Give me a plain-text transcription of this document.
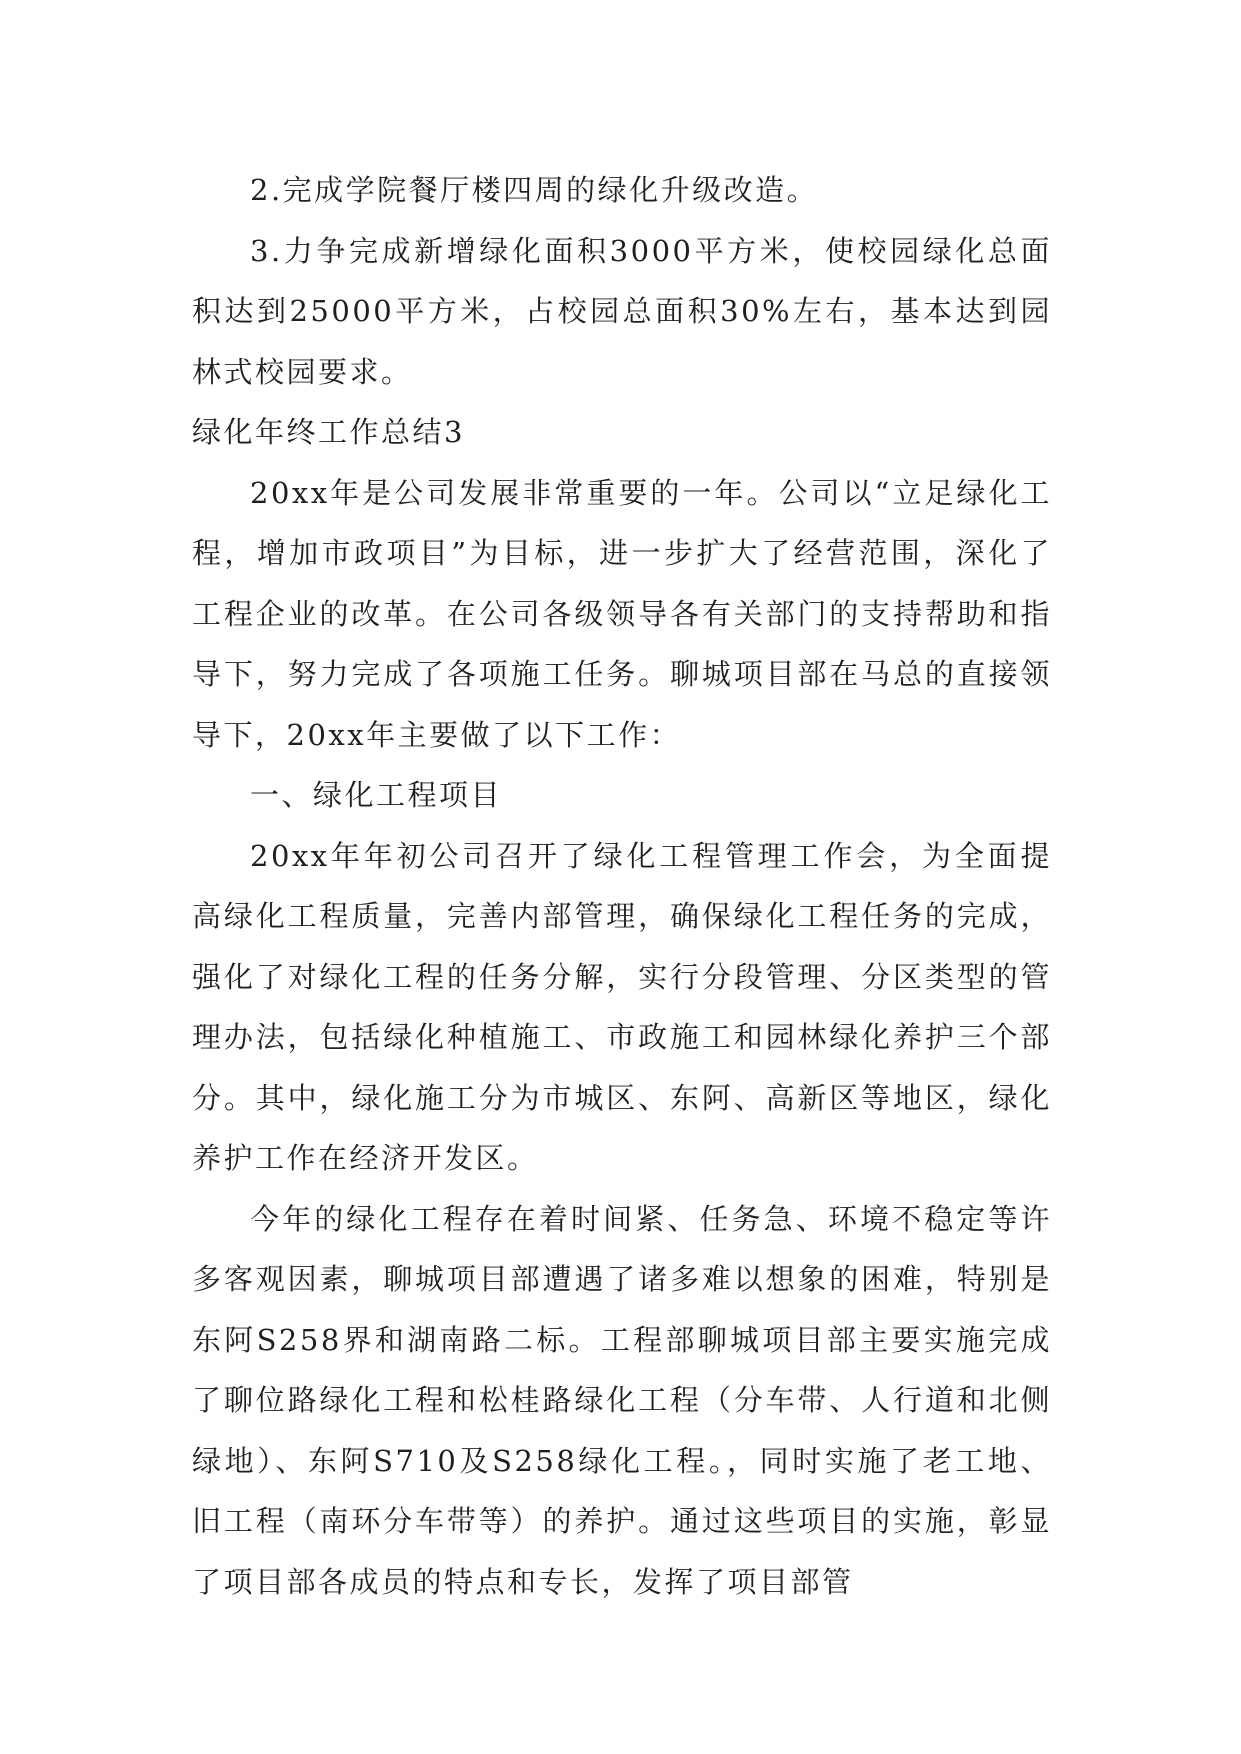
2.完成学院餐厅楼四周的绿化升级改造。

3.力争完成新增绿化面积3000平方米，使校园绿化总面积达到25000平方米，占校园总面积30%左右，基本达到园林式校园要求。

绿化年终工作总结3

20xx年是公司发展非常重要的一年。公司以“立足绿化工程，增加市政项目”为目标，进一步扩大了经营范围，深化了工程企业的改革。在公司各级领导各有关部门的支持帮助和指导下，努力完成了各项施工任务。聊城项目部在马总的直接领导下，20xx年主要做了以下工作：

一、绿化工程项目

20xx年年初公司召开了绿化工程管理工作会，为全面提高绿化工程质量，完善内部管理，确保绿化工程任务的完成，强化了对绿化工程的任务分解，实行分段管理、分区类型的管理办法，包括绿化种植施工、市政施工和园林绿化养护三个部分。其中，绿化施工分为市城区、东阿、高新区等地区，绿化养护工作在经济开发区。

今年的绿化工程存在着时间紧、任务急、环境不稳定等许多客观因素，聊城项目部遭遇了诸多难以想象的困难，特别是东阿S258界和湖南路二标。工程部聊城项目部主要实施完成了聊位路绿化工程和松桂路绿化工程（分车带、人行道和北侧绿地）、东阿S710及S258绿化工程。，同时实施了老工地、旧工程（南环分车带等）的养护。通过这些项目的实施，彰显了项目部各成员的特点和专长，发挥了项目部管
